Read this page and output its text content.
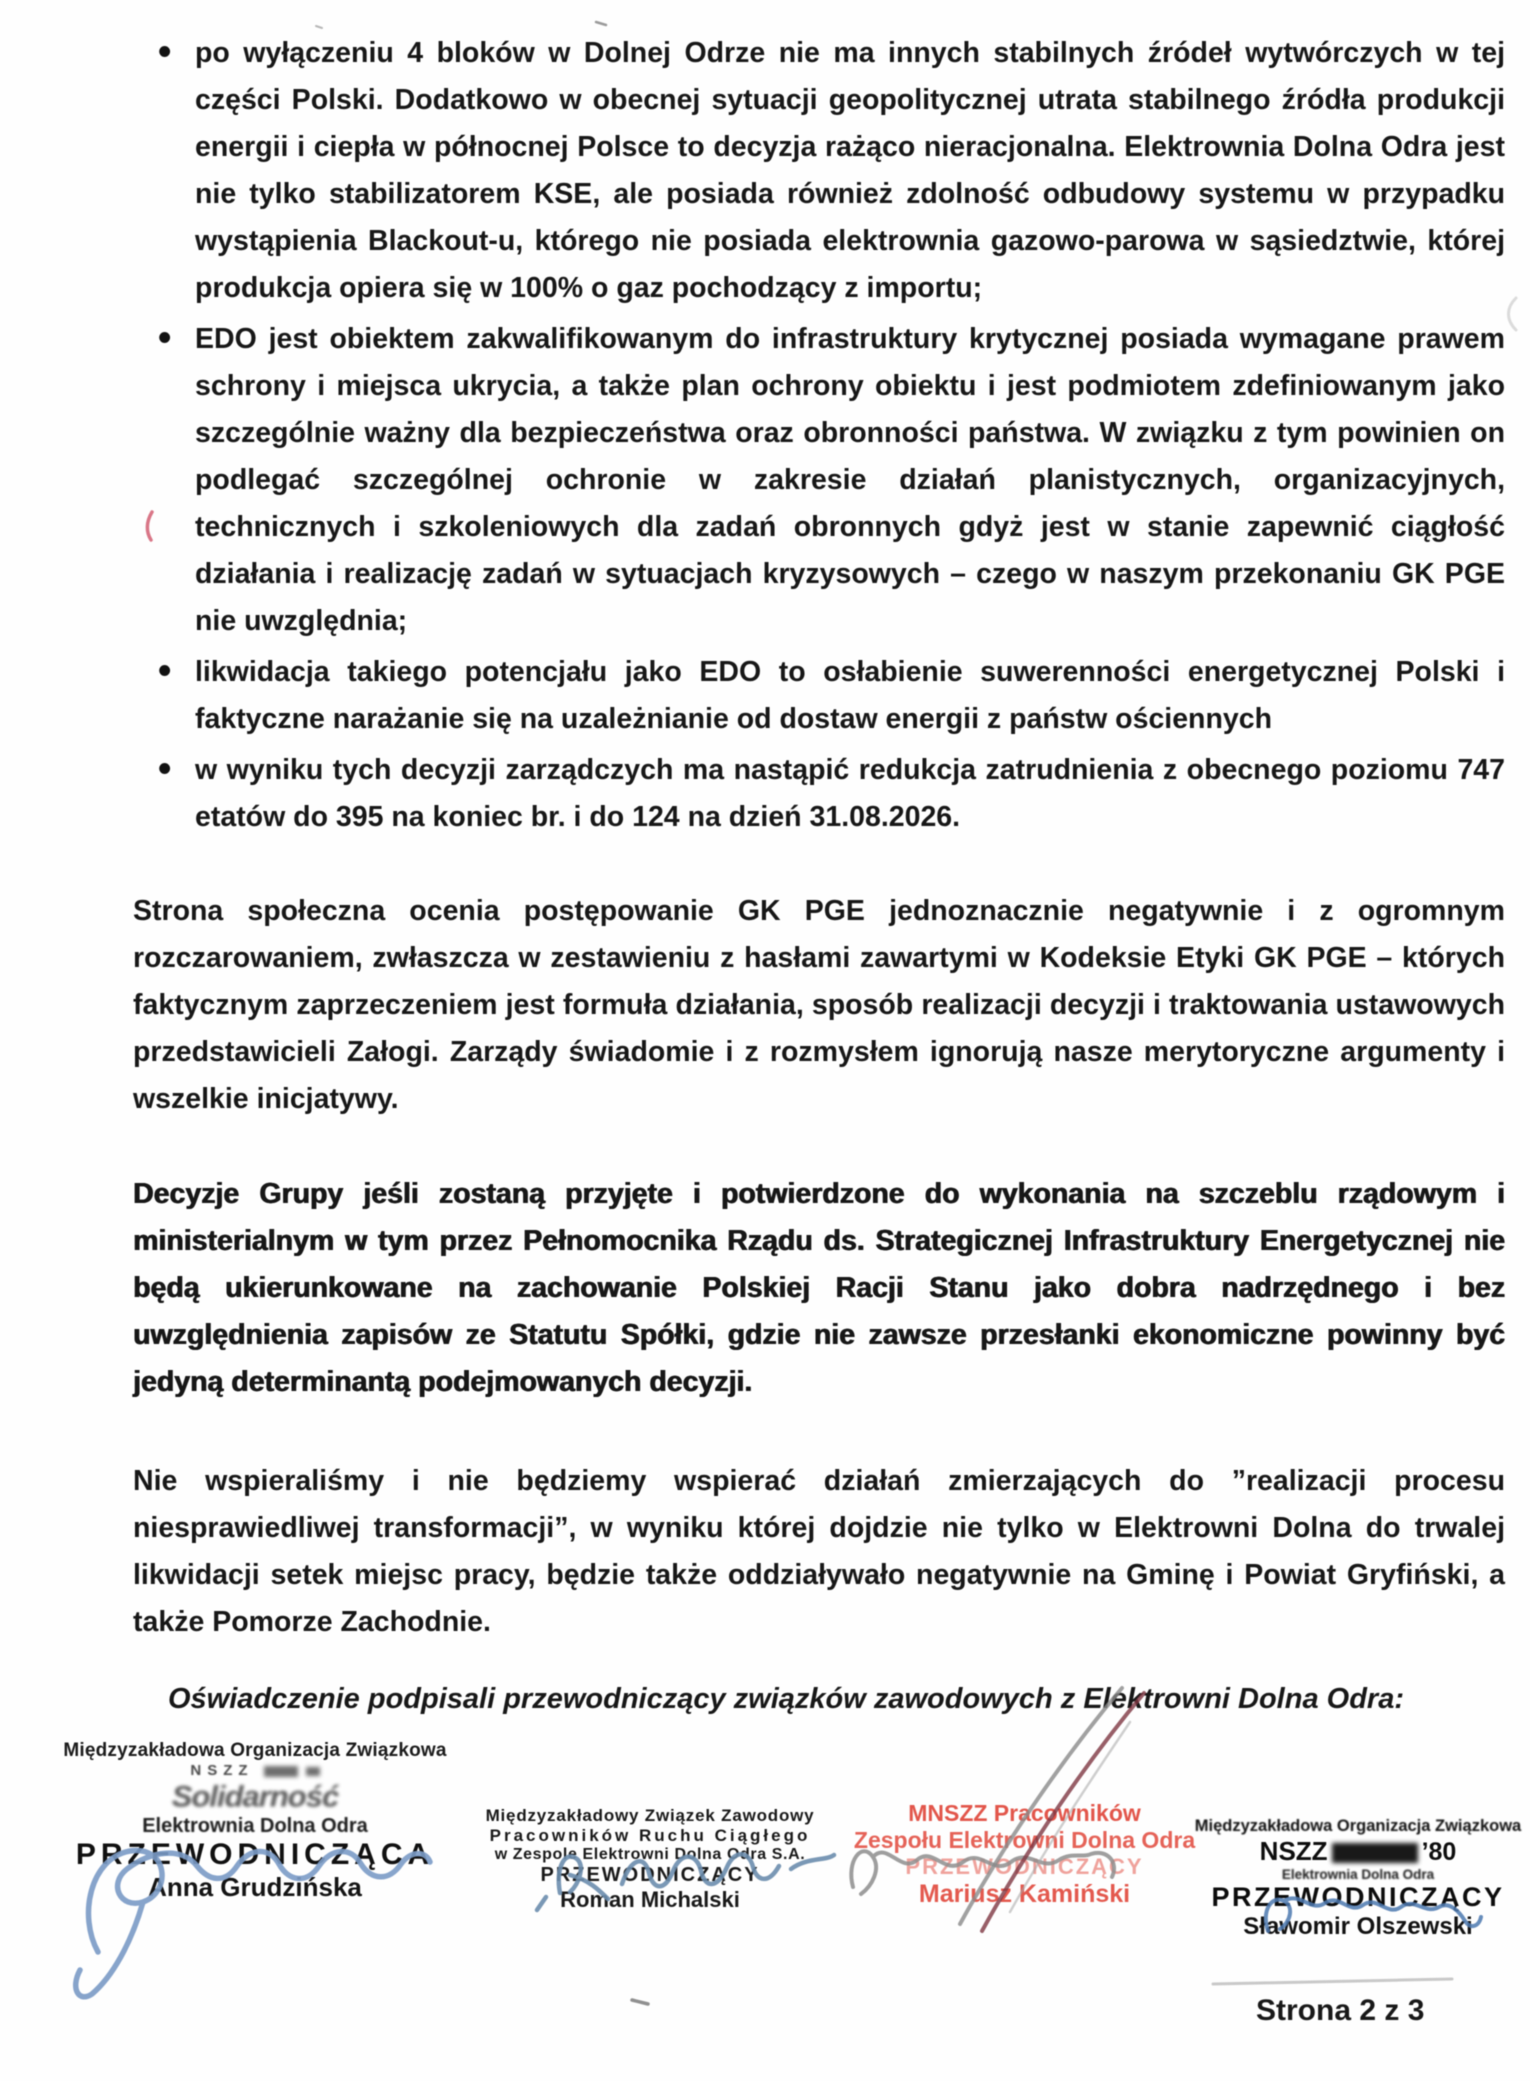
• po wyłączeniu 4 bloków w Dolnej Odrze nie ma innych stabilnych źródeł wytwórczych w tej części Polski. Dodatkowo w obecnej sytuacji geopolitycznej utrata stabilnego źródła produkcji energii i ciepła w północnej Polsce to decyzja rażąco nieracjonalna. Elektrownia Dolna Odra jest nie tylko stabilizatorem KSE, ale posiada również zdolność odbudowy systemu w przypadku wystąpienia Blackout-u, którego nie posiada elektrownia gazowo-parowa w sąsiedztwie, której produkcja opiera się w 100% o gaz pochodzący z importu;
• EDO jest obiektem zakwalifikowanym do infrastruktury krytycznej posiada wymagane prawem schrony i miejsca ukrycia, a także plan ochrony obiektu i jest podmiotem zdefiniowanym jako szczególnie ważny dla bezpieczeństwa oraz obronności państwa. W związku z tym powinien on podlegać szczególnej ochronie w zakresie działań planistycznych, organizacyjnych, technicznych i szkoleniowych dla zadań obronnych gdyż jest w stanie zapewnić ciągłość działania i realizację zadań w sytuacjach kryzysowych – czego w naszym przekonaniu GK PGE nie uwzględnia;
• likwidacja takiego potencjału jako EDO to osłabienie suwerenności energetycznej Polski i faktyczne narażanie się na uzależnianie od dostaw energii z państw ościennych
• w wyniku tych decyzji zarządczych ma nastąpić redukcja zatrudnienia z obecnego poziomu 747 etatów do 395 na koniec br. i do 124 na dzień 31.08.2026.
Strona społeczna ocenia postępowanie GK PGE jednoznacznie negatywnie i z ogromnym rozczarowaniem, zwłaszcza w zestawieniu z hasłami zawartymi w Kodeksie Etyki GK PGE – których faktycznym zaprzeczeniem jest formuła działania, sposób realizacji decyzji i traktowania ustawowych przedstawicieli Załogi. Zarządy świadomie i z rozmysłem ignorują nasze merytoryczne argumenty i wszelkie inicjatywy.
Decyzje Grupy jeśli zostaną przyjęte i potwierdzone do wykonania na szczeblu rządowym i ministerialnym w tym przez Pełnomocnika Rządu ds. Strategicznej Infrastruktury Energetycznej nie będą ukierunkowane na zachowanie Polskiej Racji Stanu jako dobra nadrzędnego i bez uwzględnienia zapisów ze Statutu Spółki, gdzie nie zawsze przesłanki ekonomiczne powinny być jedyną determinantą podejmowanych decyzji.
Nie wspieraliśmy i nie będziemy wspierać działań zmierzających do ”realizacji procesu niesprawiedliwej transformacji”, w wyniku której dojdzie nie tylko w Elektrowni Dolna do trwalej likwidacji setek miejsc pracy, będzie także oddziaływało negatywnie na Gminę i Powiat Gryfiński, a także Pomorze Zachodnie.
Oświadczenie podpisali przewodniczący związków zawodowych z Elektrowni Dolna Odra:
Międzyzakładowa Organizacja Związkowa
NSZZ
Solidarność
Elektrownia Dolna Odra
PRZEWODNICZĄCA
Anna Grudzińska
Międzyzakładowy Związek Zawodowy
Pracowników Ruchu Ciągłego
w Zespole Elektrowni Dolna Odra S.A.
PRZEWODNICZĄCY
Roman Michalski
MNSZZ Pracowników
Zespołu Elektrowni Dolna Odra
PRZEWODNICZĄCY
Mariusz Kamiński
Międzyzakładowa Organizacja Związkowa
NSZZ	’80
Elektrownia Dolna Odra
PRZEWODNICZĄCY
Sławomir Olszewski
Strona 2 z 3
